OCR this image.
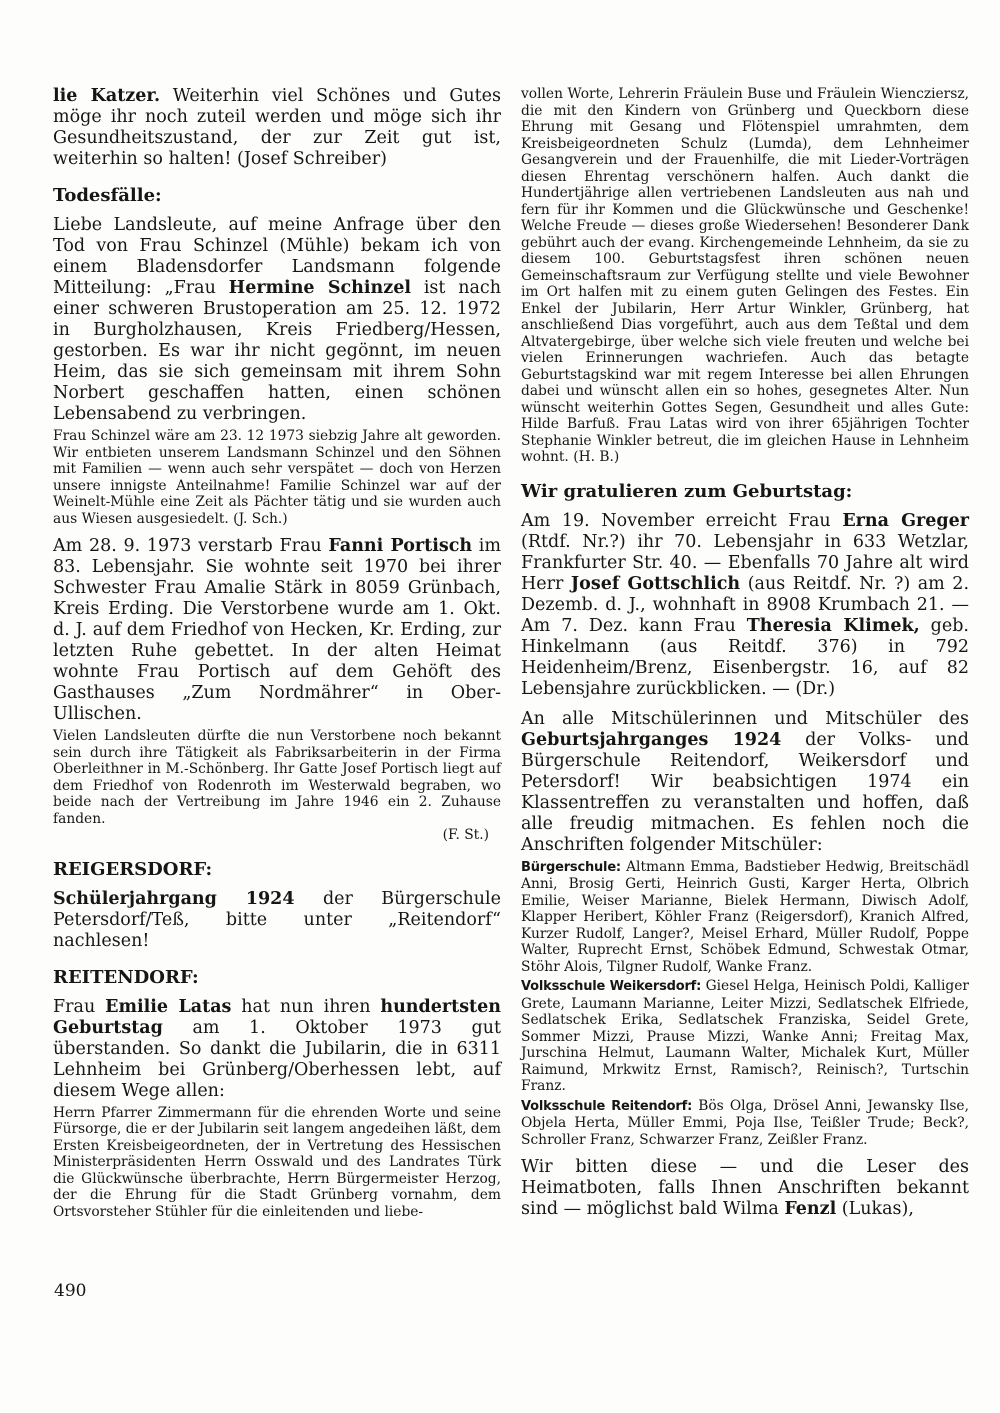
lie Katzer. Weiterhin viel Schönes und Gutes möge ihr noch zuteil werden und möge sich ihr Gesundheitszustand, der zur Zeit gut ist, weiterhin so halten! (Josef Schreiber)
Todesfälle:
Liebe Landsleute, auf meine Anfrage über den Tod von Frau Schinzel (Mühle) bekam ich von einem Bladensdorfer Landsmann folgende Mitteilung: „Frau Hermine Schinzel ist nach einer schweren Brustoperation am 25. 12. 1972 in Burgholzhausen, Kreis Friedberg/Hessen, gestorben. Es war ihr nicht gegönnt, im neuen Heim, das sie sich gemeinsam mit ihrem Sohn Norbert geschaffen hatten, einen schönen Lebensabend zu verbringen.
Frau Schinzel wäre am 23. 12 1973 siebzig Jahre alt geworden. Wir entbieten unserem Landsmann Schinzel und den Söhnen mit Familien — wenn auch sehr verspätet — doch von Herzen unsere innigste Anteilnahme! Familie Schinzel war auf der Weinelt-Mühle eine Zeit als Pächter tätig und sie wurden auch aus Wiesen ausgesiedelt. (J. Sch.)
Am 28. 9. 1973 verstarb Frau Fanni Portisch im 83. Lebensjahr. Sie wohnte seit 1970 bei ihrer Schwester Frau Amalie Stärk in 8059 Grünbach, Kreis Erding. Die Verstorbene wurde am 1. Okt. d. J. auf dem Friedhof von Hecken, Kr. Erding, zur letzten Ruhe gebettet. In der alten Heimat wohnte Frau Portisch auf dem Gehöft des Gasthauses „Zum Nordmährer“ in Ober-Ullischen.
Vielen Landsleuten dürfte die nun Verstorbene noch bekannt sein durch ihre Tätigkeit als Fabriksarbeiterin in der Firma Oberleithner in M.-Schönberg. Ihr Gatte Josef Portisch liegt auf dem Friedhof von Rodenroth im Westerwald begraben, wo beide nach der Vertreibung im Jahre 1946 ein 2. Zuhause fanden.
(F. St.)
REIGERSDORF:
Schülerjahrgang 1924 der Bürgerschule Petersdorf/Teß, bitte unter „Reitendorf“ nachlesen!
REITENDORF:
Frau Emilie Latas hat nun ihren hundertsten Geburtstag am 1. Oktober 1973 gut überstanden. So dankt die Jubilarin, die in 6311 Lehnheim bei Grünberg/Oberhessen lebt, auf diesem Wege allen:
Herrn Pfarrer Zimmermann für die ehrenden Worte und seine Fürsorge, die er der Jubilarin seit langem angedeihen läßt, dem Ersten Kreisbeigeordneten, der in Vertretung des Hessischen Ministerpräsidenten Herrn Osswald und des Landrates Türk die Glückwünsche überbrachte, Herrn Bürgermeister Herzog, der die Ehrung für die Stadt Grünberg vornahm, dem Ortsvorsteher Stühler für die einleitenden und liebe-
vollen Worte, Lehrerin Fräulein Buse und Fräulein Wiencziersz, die mit den Kindern von Grünberg und Queckborn diese Ehrung mit Gesang und Flötenspiel umrahmten, dem Kreisbeigeordneten Schulz (Lumda), dem Lehnheimer Gesangverein und der Frauenhilfe, die mit Lieder-Vorträgen diesen Ehrentag verschönern halfen. Auch dankt die Hundertjährige allen vertriebenen Landsleuten aus nah und fern für ihr Kommen und die Glückwünsche und Geschenke! Welche Freude — dieses große Wiedersehen! Besonderer Dank gebührt auch der evang. Kirchengemeinde Lehnheim, da sie zu diesem 100. Geburtstagsfest ihren schönen neuen Gemeinschaftsraum zur Verfügung stellte und viele Bewohner im Ort halfen mit zu einem guten Gelingen des Festes. Ein Enkel der Jubilarin, Herr Artur Winkler, Grünberg, hat anschließend Dias vorgeführt, auch aus dem Teßtal und dem Altvatergebirge, über welche sich viele freuten und welche bei vielen Erinnerungen wachriefen. Auch das betagte Geburtstagskind war mit regem Interesse bei allen Ehrungen dabei und wünscht allen ein so hohes, gesegnetes Alter. Nun wünscht weiterhin Gottes Segen, Gesundheit und alles Gute: Hilde Barfuß. Frau Latas wird von ihrer 65jährigen Tochter Stephanie Winkler betreut, die im gleichen Hause in Lehnheim wohnt. (H. B.)
Wir gratulieren zum Geburtstag:
Am 19. November erreicht Frau Erna Greger (Rtdf. Nr.?) ihr 70. Lebensjahr in 633 Wetzlar, Frankfurter Str. 40. — Ebenfalls 70 Jahre alt wird Herr Josef Gottschlich (aus Reitdf. Nr. ?) am 2. Dezemb. d. J., wohnhaft in 8908 Krumbach 21. — Am 7. Dez. kann Frau Theresia Klimek, geb. Hinkelmann (aus Reitdf. 376) in 792 Heidenheim/Brenz, Eisenbergstr. 16, auf 82 Lebensjahre zurückblicken. — (Dr.)
An alle Mitschülerinnen und Mitschüler des Geburtsjahrganges 1924 der Volks- und Bürgerschule Reitendorf, Weikersdorf und Petersdorf! Wir beabsichtigen 1974 ein Klassentreffen zu veranstalten und hoffen, daß alle freudig mitmachen. Es fehlen noch die Anschriften folgender Mitschüler:
Bürgerschule: Altmann Emma, Badstieber Hedwig, Breitschädl Anni, Brosig Gerti, Heinrich Gusti, Karger Herta, Olbrich Emilie, Weiser Marianne, Bielek Hermann, Diwisch Adolf, Klapper Heribert, Köhler Franz (Reigersdorf), Kranich Alfred, Kurzer Rudolf, Langer?, Meisel Erhard, Müller Rudolf, Poppe Walter, Ruprecht Ernst, Schöbek Edmund, Schwestak Otmar, Stöhr Alois, Tilgner Rudolf, Wanke Franz.
Volksschule Weikersdorf: Giesel Helga, Heinisch Poldi, Kalliger Grete, Laumann Marianne, Leiter Mizzi, Sedlatschek Elfriede, Sedlatschek Erika, Sedlatschek Franziska, Seidel Grete, Sommer Mizzi, Prause Mizzi, Wanke Anni; Freitag Max, Jurschina Helmut, Laumann Walter, Michalek Kurt, Müller Raimund, Mrkwitz Ernst, Ramisch?, Reinisch?, Turtschin Franz.
Volksschule Reitendorf: Bös Olga, Drösel Anni, Jewansky Ilse, Objela Herta, Müller Emmi, Poja Ilse, Teißler Trude; Beck?, Schroller Franz, Schwarzer Franz, Zeißler Franz.
Wir bitten diese — und die Leser des Heimatboten, falls Ihnen Anschriften bekannt sind — möglichst bald Wilma Fenzl (Lukas),
490
